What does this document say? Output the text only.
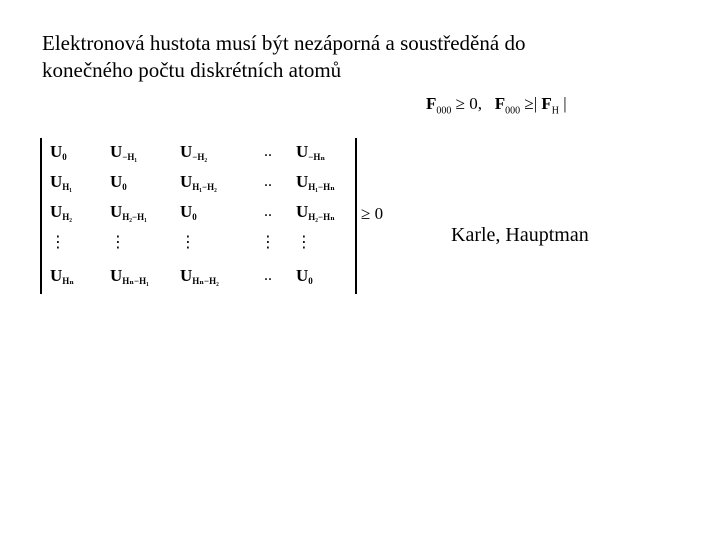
Elektronová hustota musí být nezáporná a soustředěná do
konečného počtu diskrétních atomů
$F_{000} \ge 0$, $F_{000}$ ≥| $F_H$ |
$U_0$	$U_{-H_1}$	$U_{-H_2}$	.. $U_{-H_n}$
$U_{H_1}$ $U_0$	$U_{H_1-H_2}$	.. $U_{H_1-H_n}$
$U_{H_2}$ $U_{H_2-H_1}$ $U_0$	.. $U_{H_2-H_n}$
⋮	⋮	⋮	⋮ ⋮
$U_{H_n}$ $U_{H_n-H_1}$ $U_{H_n-H_2}$	.. $U_0$
≥ 0
Karle, Hauptman
